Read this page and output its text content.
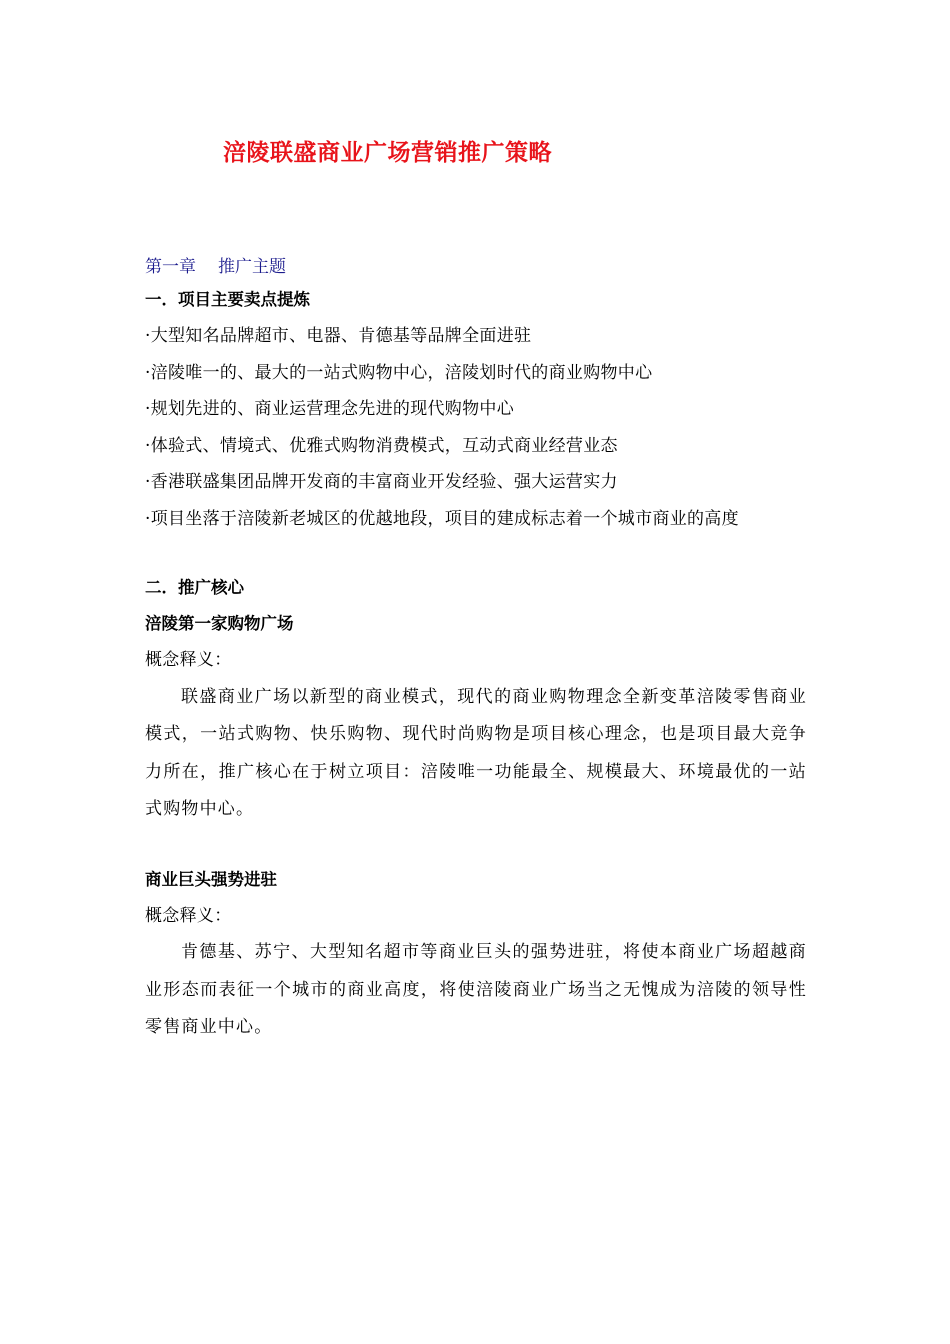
涪陵联盛商业广场营销推广策略

第一章 推广主题

一．项目主要卖点提炼

·大型知名品牌超市、电器、肯德基等品牌全面进驻

·涪陵唯一的、最大的一站式购物中心，涪陵划时代的商业购物中心

·规划先进的、商业运营理念先进的现代购物中心

·体验式、情境式、优雅式购物消费模式，互动式商业经营业态

·香港联盛集团品牌开发商的丰富商业开发经验、强大运营实力

·项目坐落于涪陵新老城区的优越地段，项目的建成标志着一个城市商业的高度

二．推广核心

涪陵第一家购物广场

概念释义：

联盛商业广场以新型的商业模式，现代的商业购物理念全新变革涪陵零售商业模式，一站式购物、快乐购物、现代时尚购物是项目核心理念，也是项目最大竞争力所在，推广核心在于树立项目：涪陵唯一功能最全、规模最大、环境最优的一站式购物中心。

商业巨头强势进驻

概念释义：

肯德基、苏宁、大型知名超市等商业巨头的强势进驻，将使本商业广场超越商业形态而表征一个城市的商业高度，将使涪陵商业广场当之无愧成为涪陵的领导性零售商业中心。
